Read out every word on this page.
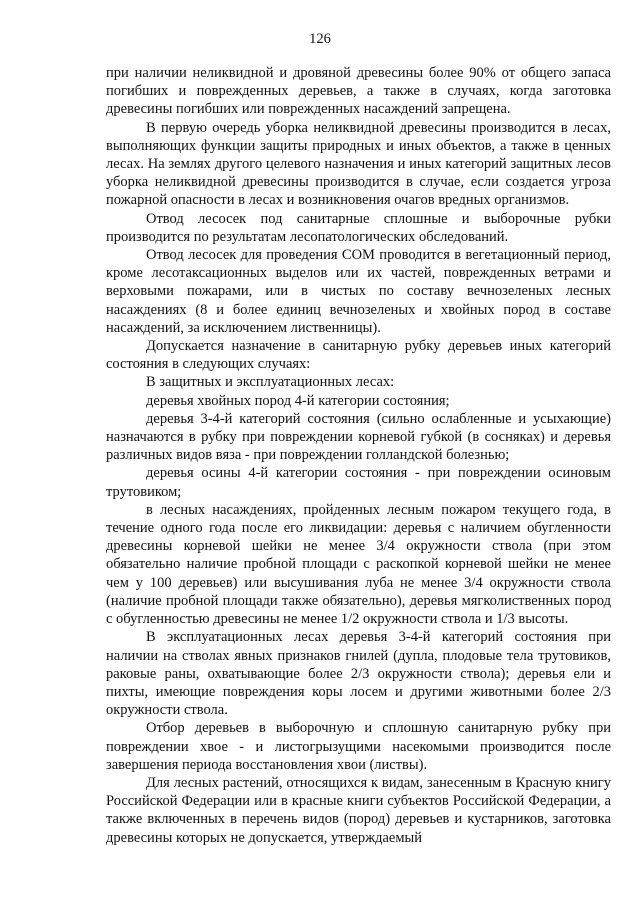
126

при наличии неликвидной и дровяной древесины более 90% от общего запаса погибших и поврежденных деревьев, а также в случаях, когда заготовка древесины погибших или поврежденных насаждений запрещена.

В первую очередь уборка неликвидной древесины производится в лесах, выполняющих функции защиты природных и иных объектов, а также в ценных лесах. На землях другого целевого назначения и иных категорий защитных лесов уборка неликвидной древесины производится в случае, если создается угроза пожарной опасности в лесах и возникновения очагов вредных организмов.

Отвод лесосек под санитарные сплошные и выборочные рубки производится по результатам лесопатологических обследований.

Отвод лесосек для проведения СОМ проводится в вегетационный период, кроме лесотаксационных выделов или их частей, поврежденных ветрами и верховыми пожарами, или в чистых по составу вечнозеленых лесных насаждениях (8 и более единиц вечнозеленых и хвойных пород в составе насаждений, за исключением лиственницы).

Допускается назначение в санитарную рубку деревьев иных категорий состояния в следующих случаях:

В защитных и эксплуатационных лесах:

деревья хвойных пород 4-й категории состояния;

деревья 3-4-й категорий состояния (сильно ослабленные и усыхающие) назначаются в рубку при повреждении корневой губкой (в сосняках) и деревья различных видов вяза - при повреждении голландской болезнью;

деревья осины 4-й категории состояния - при повреждении осиновым трутовиком;

в лесных насаждениях, пройденных лесным пожаром текущего года, в течение одного года после его ликвидации: деревья с наличием обугленности древесины корневой шейки не менее 3/4 окружности ствола (при этом обязательно наличие пробной площади с раскопкой корневой шейки не менее чем у 100 деревьев) или высушивания луба не менее 3/4 окружности ствола (наличие пробной площади также обязательно), деревья мягколиственных пород с обугленностью древесины не менее 1/2 окружности ствола и 1/3 высоты.

В эксплуатационных лесах деревья 3-4-й категорий состояния при наличии на стволах явных признаков гнилей (дупла, плодовые тела трутовиков, раковые раны, охватывающие более 2/3 окружности ствола); деревья ели и пихты, имеющие повреждения коры лосем и другими животными более 2/3 окружности ствола.

Отбор деревьев в выборочную и сплошную санитарную рубку при повреждении хвое - и листогрызущими насекомыми производится после завершения периода восстановления хвои (листвы).

Для лесных растений, относящихся к видам, занесенным в Красную книгу Российской Федерации или в красные книги субъектов Российской Федерации, а также включенных в перечень видов (пород) деревьев и кустарников, заготовка древесины которых не допускается, утверждаемый
